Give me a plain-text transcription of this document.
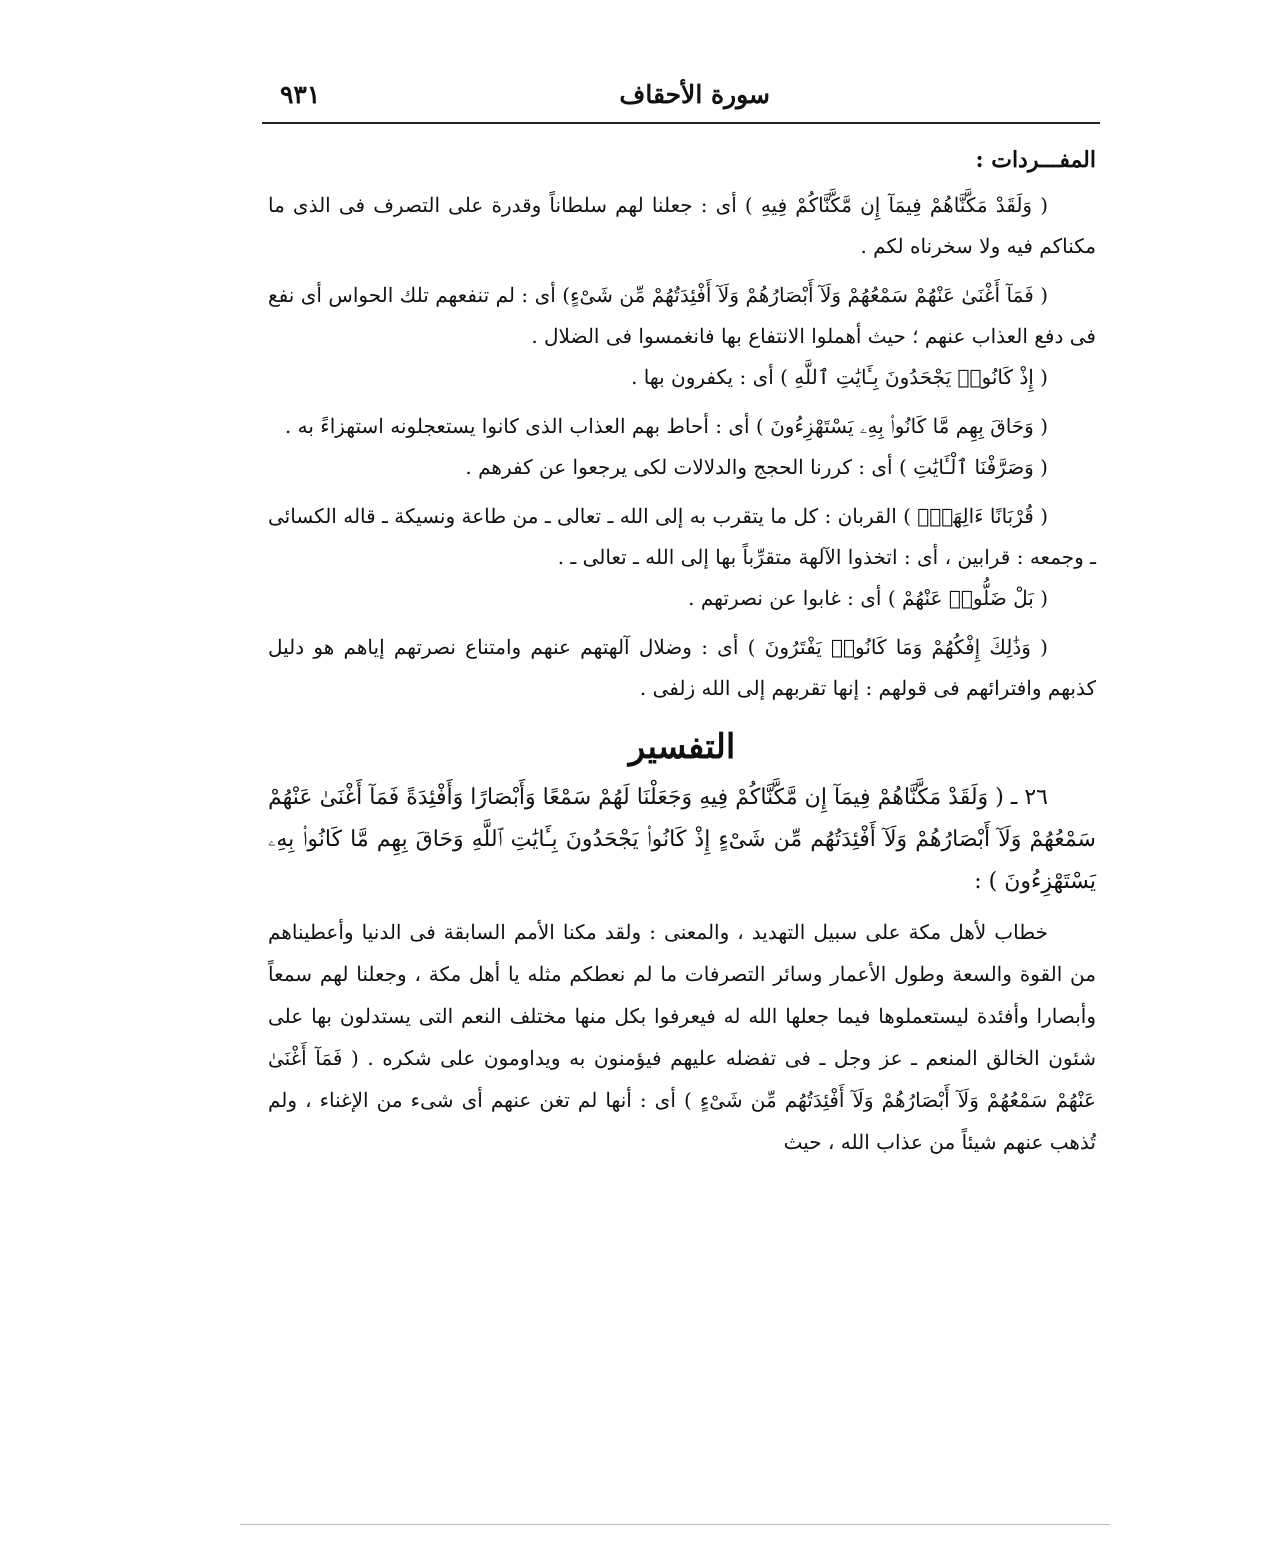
سورة الأحقاف
٩٣١

المفـــردات :

( وَلَقَدْ مَكَّنَّاهُمْ فِيمَآ إِن مَّكَّنَّاكُمْ فِيهِ ) أى : جعلنا لهم سلطاناً وقدرة على التصرف فى الذى ما مكناكم فيه ولا سخرناه لكم .

( فَمَآ أَغْنَىٰ عَنْهُمْ سَمْعُهُمْ وَلَآ أَبْصَارُهُمْ وَلَآ أَفْئِدَتُهُمْ مِّن شَىْءٍ) أى : لم تنفعهم تلك الحواس أى نفع فى دفع العذاب عنهم ؛ حيث أهملوا الانتفاع بها فانغمسوا فى الضلال .

( إِذْ كَانُوا۟ يَجْحَدُونَ بِـَٔايَٰتِ ٱللَّهِ ) أى : يكفرون بها .

( وَحَاقَ بِهِم مَّا كَانُوا۟ بِهِۦ يَسْتَهْزِءُونَ ) أى : أحاط بهم العذاب الذى كانوا يستعجلونه استهزاءً به .

( وَصَرَّفْنَا ٱلْـَٔايَٰتِ ) أى : كررنا الحجج والدلالات لكى يرجعوا عن كفرهم .

( قُرْبَانًا ءَالِهَةًۢ ) القربان : كل ما يتقرب به إلى الله ـ تعالى ـ من طاعة ونسيكة ـ قاله الكسائى ـ وجمعه : قرابين ، أى : اتخذوا الآلهة متقرِّباً بها إلى الله ـ تعالى ـ .

( بَلْ ضَلُّوا۟ عَنْهُمْ ) أى : غابوا عن نصرتهم .

( وَذَٰلِكَ إِفْكُهُمْ وَمَا كَانُوا۟ يَفْتَرُونَ ) أى : وضلال آلهتهم عنهم وامتناع نصرتهم إياهم هو دليل كذبهم وافترائهم فى قولهم : إنها تقربهم إلى الله زلفى .

التفسير

٢٦ ـ ( وَلَقَدْ مَكَّنَّاهُمْ فِيمَآ إِن مَّكَّنَّاكُمْ فِيهِ وَجَعَلْنَا لَهُمْ سَمْعًا وَأَبْصَارًا وَأَفْئِدَةً فَمَآ أَغْنَىٰ عَنْهُمْ سَمْعُهُمْ وَلَآ أَبْصَارُهُمْ وَلَآ أَفْئِدَتُهُم مِّن شَىْءٍ إِذْ كَانُوا۟ يَجْحَدُونَ بِـَٔايَٰتِ ٱللَّهِ وَحَاقَ بِهِم مَّا كَانُوا۟ بِهِۦ يَسْتَهْزِءُونَ ) :

خطاب لأهل مكة على سبيل التهديد ، والمعنى : ولقد مكنا الأمم السابقة فى الدنيا وأعطيناهم من القوة والسعة وطول الأعمار وسائر التصرفات ما لم نعطكم مثله يا أهل مكة ، وجعلنا لهم سمعاً وأبصارا وأفئدة ليستعملوها فيما جعلها الله له فيعرفوا بكل منها مختلف النعم التى يستدلون بها على شئون الخالق المنعم ـ عز وجل ـ فى تفضله عليهم فيؤمنون به ويداومون على شكره . ( فَمَآ أَغْنَىٰ عَنْهُمْ سَمْعُهُمْ وَلَآ أَبْصَارُهُمْ وَلَآ أَفْئِدَتُهُم مِّن شَىْءٍ ) أى : أنها لم تغن عنهم أى شىء من الإغناء ، ولم تُذهب عنهم شيئاً من عذاب الله ، حيث
